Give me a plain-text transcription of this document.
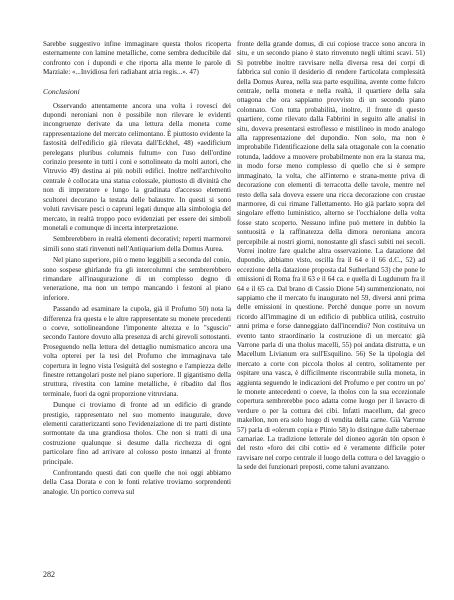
Sarebbe suggestivo infine immaginare questa tholos ricoperta esternamente con lamine metalliche, come sembra deducibile dal confronto con i dupondi e che riporta alla mente le parole di Marziale: «...Invidiosa feri radiabant atria regis...». 47)

Conclusioni

Osservando attentamente ancora una volta i rovesci dei dupondi neroniani non è possibile non rilevare le evidenti incongruenze derivate da una lettura della moneta come rappresentazione del mercato celimontano. È piuttosto evidente la fastosità dell'edificio già rilevata dall'Eckhel, 48) «aedificium perelegans pluribus columnis fultum» con l'uso dell'ordine corinzio presente in tutti i coni e sottolineato da molti autori, che Vitruvio 49) destina ai più nobili edifici. Inoltre nell'archivolto centrale è collocata una statua colossale, piuttosto di divinità che non di imperatore e lungo la gradinata d'accesso elementi scultorei decorano la testata delle balaustre. In questi si sono voluti ravvisare pesci o capruni legati dunque alla simbologia del mercato, in realtà troppo poco evidenziati per essere dei simboli monetali e comunque di incerta interpretazione.

Sembrerebbero in realtà elementi decorativi; reperti marmorei simili sono stati rinvenuti nell'Antiquarium della Domus Aurea.

Nel piano superiore, più o meno leggibili a seconda del conio, sono sospese ghirlande fra gli intercolumni che sembrerebbero rimandare all'inaugurazione di un complesso degno di venerazione, ma non un tempo mancando i festoni al piano inferiore.

Passando ad esaminare la cupola, già il Profumo 50) nota la differenza fra questa e le altre rappresentate su monete precedenti o coeve, sottolineandone l'imponente altezza e lo "sguscio" secondo l'autore dovuto alla presenza di archi girevoli sottostanti. Proseguendo nella lettura del dettaglio numismatico ancora una volta opterei per la tesi del Profumo che immaginava tale copertura in legno vista l'esiguità del sostegno e l'ampiezza delle finestre rettangolari poste nel piano superiore. Il gigantismo della struttura, rivestita con lamine metalliche, è ribadito dal flos terminale, fuori da ogni proporzione vitruviana.

Dunque ci troviamo di fronte ad un edificio di grande prestigio, rappresentato nel suo momento inaugurale, dove elementi caratterizzanti sono l'evidenziazione di tre parti distinte sormontate da una grandiosa tholos. Che non si tratti di una costruzione qualunque si desume dalla ricchezza di ogni particolare fino ad arrivare al colosso posto innanzi al fronte principale.

Confrontando questi dati con quelle che noi oggi abbiamo della Casa Dorata e con le fonti relative troviamo sorprendenti analogie. Un portico correva sul

fronte della grande domus, di cui copiose tracce sono ancora in situ, e un secondo piano è stato rinvenuto negli ultimi scavi. 51) Si potrebbe inoltre ravvisare nella diversa resa dei corpi di fabbrica sul conio il desiderio di rendere l'articolata complessità della Domus Aurea, nella sua parte esquilina, avente come fulcro centrale, nella moneta e nella realtà, il quartiere della sala ottagona che ora sappiamo provvisto di un secondo piano colonnato. Con tutta probabilità, inoltre, il fronte di questo quartiere, come rilevato dalla Fabbrini in seguito alle analisi in situ, doveva presentarsi estroflesso e mistilineo in modo analogo alla rappresentazione del dupondio. Non solo, ma non è improbabile l'identificazione della sala ottagonale con la coenatio rotunda, laddove a muovere probabilmente non era la stanza ma, in modo forse meno complesso di quello che si è sempre immaginato, la volta, che all'interno e strana-mente priva di decorazione con elementi di terracotta delle tavole, mentre nel resto della sala doveva essere una ricca decorazione con crustae marmoree, di cui rimane l'allettamento. Ho già parlato sopra del singolare effetto luminístico, alterno se l'occhialone della volta fosse stato scoperto. Nessuno infine può mettere in dubbio la sontuosità e la raffinatezza della dimora neroniana ancora percepibile ai nostri giorni, nonostante gli sfasci subiti nei secoli. Vorrei inoltre fare qualche altra osservazione. La datazione del dupondio, abbiamo visto, oscilla fra il 64 e il 66 d.C., 52) ad eccezione della datazione proposta dal Sutherland 53) che pone le emissioni di Roma fra il 63 e il 64 ca. e quella di Lugdunum fra il 64 e il 65 ca. Dal brano di Cassio Dione 54) summenzionato, noi sappiamo che il mercato fu inaugurato nel 59, diversi anni prima delle emissioni in questione. Perché dunque porre un novum ricordo all'immagine di un edificio di pubblica utilità, costruito anni prima e forse danneggiato dall'incendio? Non costituiva un evento tanto straordinario la costruzione di un mercato: già Varrone parla di una tholus macelli, 55) poi andata distrutta, e un Macellum Livianum era sull'Esquilino. 56) Se la tipologia del mercato a corte con piccola tholos al centro, solitamente per ospitare una vasca, è difficilmente riscontrabile sulla moneta, in aggiunta seguendo le indicazioni del Profumo e per contro un po' le monete antecedenti o coeve, la tholos con la sua eccezionale copertura sembrerebbe poco adatta come luogo per il lavacro di verdure o per la cottura dei cibi. Infatti macellum, dal greco makellon, non era solo luogo di vendita della carne. Già Varrone 57) parla di «olerum copia e Plinio 58) lo distingue dalle tabernae carnariae. La tradizione letterale del dioneo agorán tón opson è del resto «foro dei cibi cotti» ed è veramente difficile poter ravvisare nel corpo centrale il luogo della cottura o del lavaggio o la sede dei funzionari preposti, come taluni avanzano.

282
